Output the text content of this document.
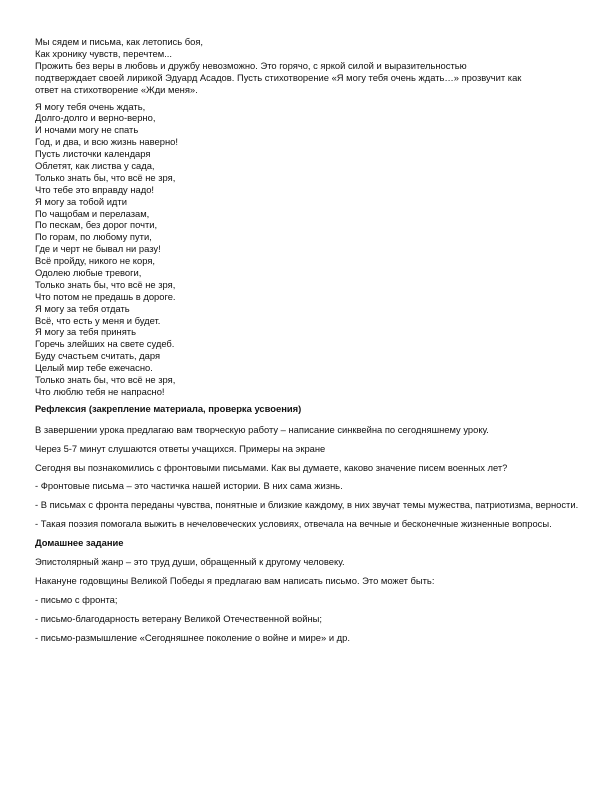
Мы сядем и письма, как летопись боя,
Как хронику чувств, перечтем...
Прожить без веры в любовь и дружбу невозможно. Это горячо, с яркой силой и выразительностью
подтверждает своей лирикой Эдуард Асадов. Пусть стихотворение «Я могу тебя очень ждать…» прозвучит как
ответ на стихотворение «Жди меня».
Я могу тебя очень ждать,
Долго-долго и верно-верно,
И ночами могу не спать
Год, и два, и всю жизнь наверно!
Пусть листочки календаря
Облетят, как листва у сада,
Только знать бы, что всё не зря,
Что тебе это вправду надо!
Я могу за тобой идти
По чащобам и перелазам,
По пескам, без дорог почти,
По горам, по любому пути,
Где и черт не бывал ни разу!
Всё пройду, никого не коря,
Одолею любые тревоги,
Только знать бы, что всё не зря,
Что потом не предашь в дороге.
Я могу за тебя отдать
Всё, что есть у меня и будет.
Я могу за тебя принять
Горечь злейших на свете судеб.
Буду счастьем считать, даря
Целый мир тебе ежечасно.
Только знать бы, что всё не зря,
Что люблю тебя не напрасно!
Рефлексия (закрепление материала, проверка усвоения)
В завершении урока предлагаю вам творческую работу – написание синквейна по сегодняшнему уроку.
Через 5-7 минут слушаются ответы учащихся. Примеры на экране
Сегодня вы познакомились с фронтовыми письмами. Как вы думаете, каково значение писем военных лет?
- Фронтовые письма – это частичка нашей истории. В них сама жизнь.
- В письмах с фронта переданы чувства, понятные и близкие каждому, в них звучат темы мужества, патриотизма, верности.
- Такая поэзия помогала выжить в нечеловеческих условиях, отвечала на вечные и бесконечные жизненные вопросы.
Домашнее задание
Эпистолярный жанр – это труд души, обращенный к другому человеку.
Накануне годовщины Великой Победы я предлагаю вам написать письмо. Это может быть:
- письмо с фронта;
- письмо-благодарность ветерану Великой Отечественной войны;
- письмо-размышление «Сегодняшнее поколение о войне и мире» и др.
